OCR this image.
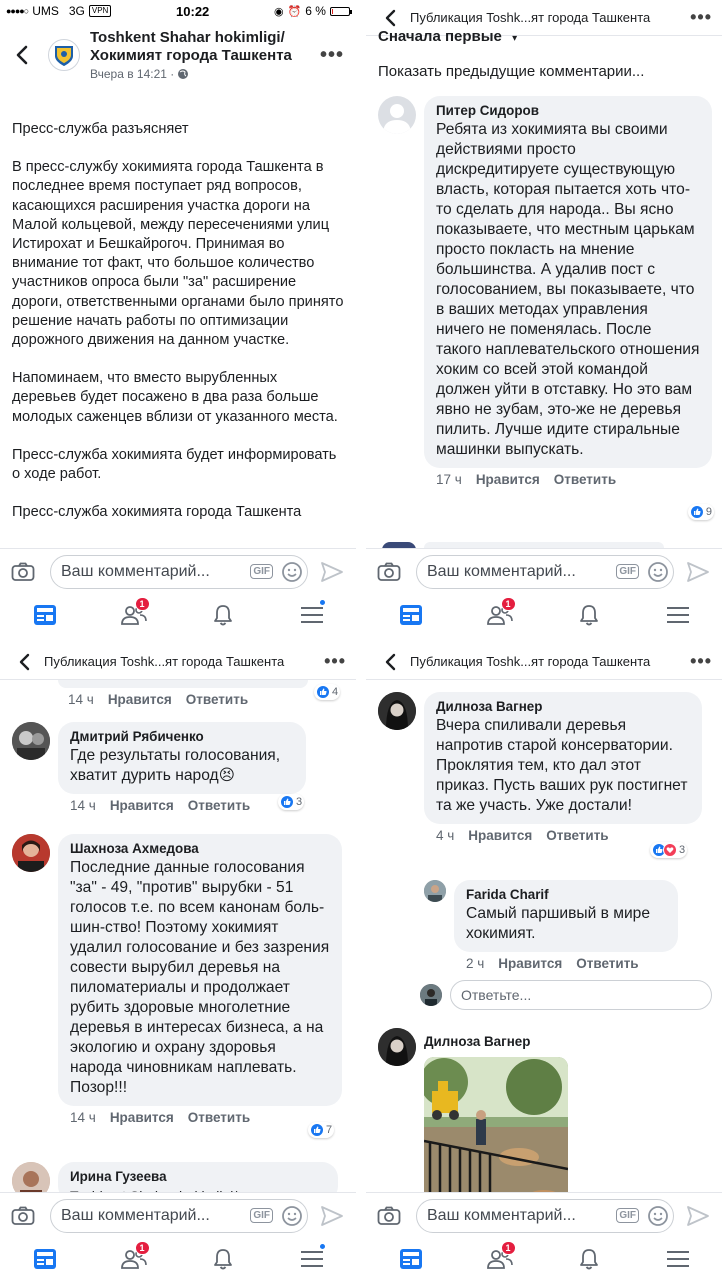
●●●●○ UMS 3G VPN	10:22	◉ ⏰ 6 %
Toshkent Shahar hokimligi/ Хокимият города Ташкента
Вчера в 14:21 ·
•••

Пресс-служба разъясняет

В пресс-службу хокимията города Ташкента в последнее время поступает ряд вопросов, касающихся расширения участка дороги на Малой кольцевой, между пересечениями улиц Истирохат и Бешкайрогоч. Принимая во внимание тот факт, что большое количество участников опроса были "за" расширение дороги, ответственными органами было принято решение начать работы по оптимизации дорожного движения на данном участке.

Напоминаем, что вместо вырубленных деревьев будет посажено в два раза больше молодых саженцев вблизи от указанного места.

Пресс-служба хокимията будет информировать о ходе работ.

Пресс-служба хокимията города Ташкента

Ваш комментарий...	GIF
1
Публикация Toshk...ят города Ташкента	•••
Сначала первые ▾
Показать предыдущие комментарии...
Питер Сидоров
Ребята из хокимията вы своими действиями просто дискредитируете существующую власть, которая пытается хоть что-то сделать для народа.. Вы ясно показываете, что местным царькам просто покласть на мнение большинства. А удалив пост с голосованием, вы показываете, что в ваших методах управления ничего не поменялась. После такого наплевательского отношения хоким со всей этой командой должен уйти в отставку. Но это вам явно не зубам, это-же не деревья пилить. Лучше идите стиральные машинки выпускать.
17 ч Нравится Ответить
9
Ваш комментарий...	GIF
1
Публикация Toshk...ят города Ташкента	•••
14 ч Нравится Ответить	4
Дмитрий Рябиченко
Где результаты голосования, хватит дурить народ😣
14 ч Нравится Ответить	3
Шахноза Ахмедова
Последние данные голосования "за" - 49, "против" вырубки - 51 голосов т.е. по всем канонам боль-шин-ство! Поэтому хокимият удалил голосование и без зазрения совести вырубил деревья на пиломатериалы и продолжает рубить здоровые многолетние деревья в интересах бизнеса, а на экологию и охрану здоровья народа чиновникам наплевать. Позор!!!
14 ч Нравится Ответить
7
Ирина Гузеева
Ваш комментарий...	GIF
1
Публикация Toshk...ят города Ташкента	•••
Дилноза Вагнер
Вчера спиливали деревья напротив старой консерватории. Проклятия тем, кто дал этот приказ. Пусть ваших рук постигнет та же участь. Уже достали!
4 ч Нравится Ответить
3
Farida Charif
Самый паршивый в мире хокимият.
2 ч Нравится Ответить
Ответьте...
Дилноза Вагнер
Ваш комментарий...	GIF
1
